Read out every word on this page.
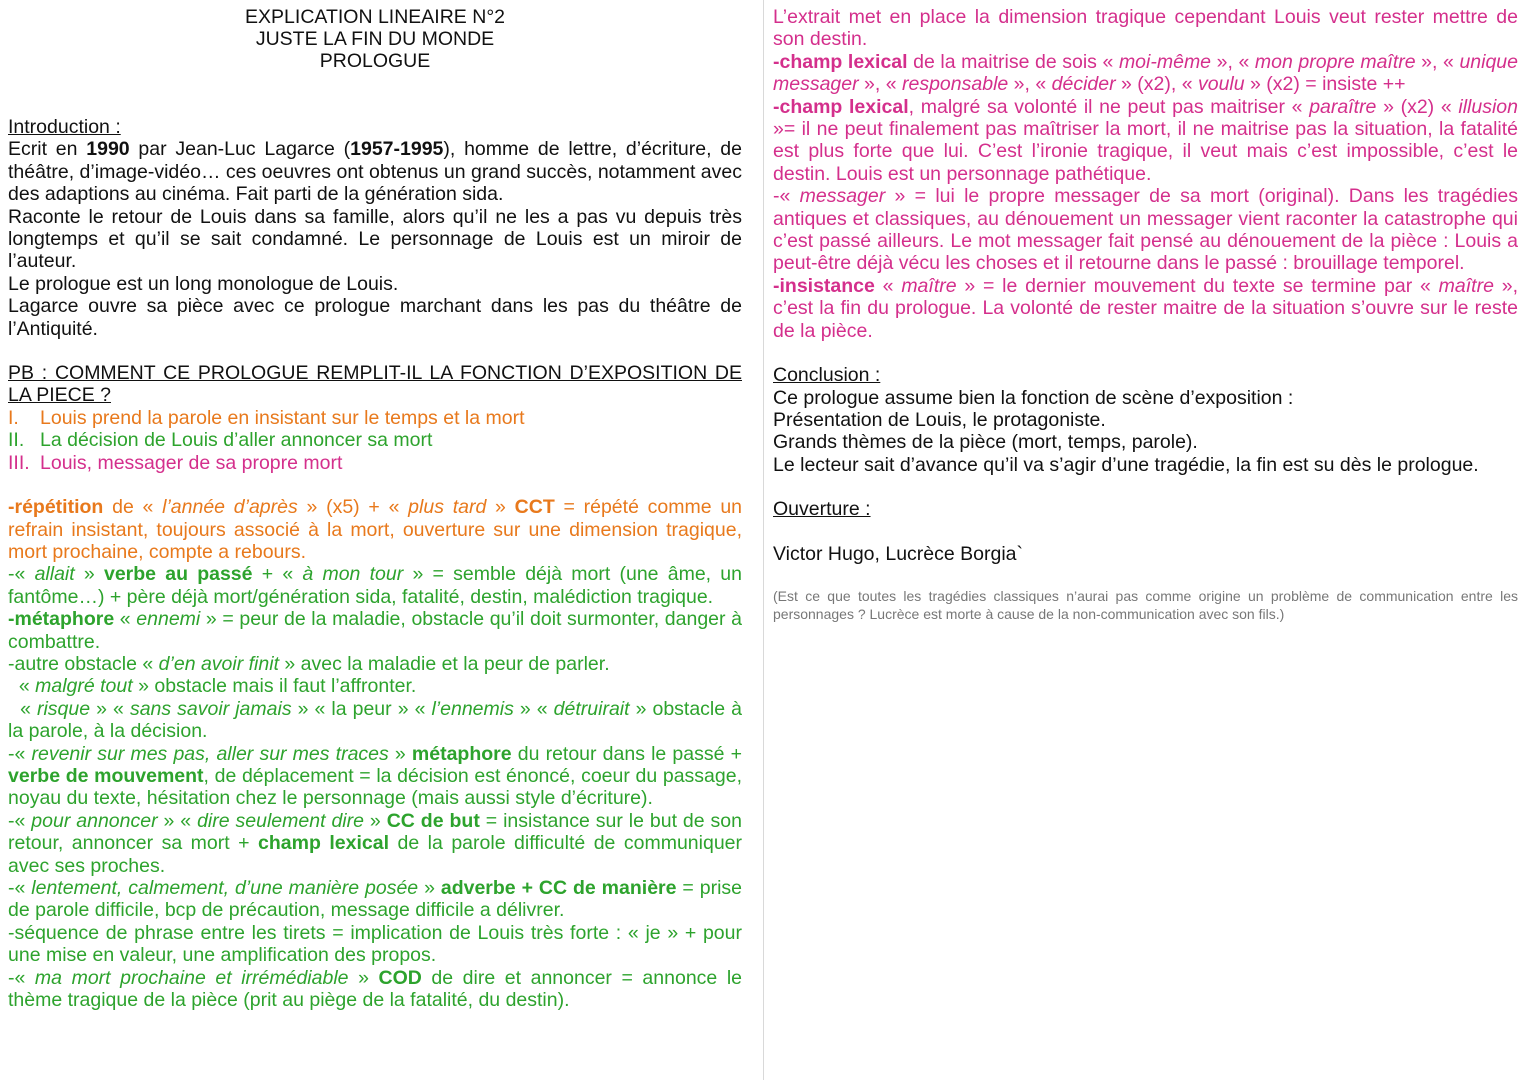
EXPLICATION LINEAIRE N°2
JUSTE LA FIN DU MONDE
PROLOGUE

Introduction :

Ecrit en 1990 par Jean-Luc Lagarce (1957-1995), homme de lettre, d’écriture, de théâtre, d’image-vidéo… ces oeuvres ont obtenus un grand succès, notamment avec des adaptions au cinéma. Fait parti de la génération sida.

Raconte le retour de Louis dans sa famille, alors qu’il ne les a pas vu depuis très longtemps et qu’il se sait condamné. Le personnage de Louis est un miroir de l’auteur.

Le prologue est un long monologue de Louis.

Lagarce ouvre sa pièce avec ce prologue marchant dans les pas du théâtre de l’Antiquité.

PB : COMMENT CE PROLOGUE REMPLIT-IL LA FONCTION D’EXPOSITION DE LA PIECE ?

I. Louis prend la parole en insistant sur le temps et la mort

II. La décision de Louis d’aller annoncer sa mort

III. Louis, messager de sa propre mort

-répétition de « l’année d’après » (x5) + « plus tard » CCT = répété comme un refrain insistant, toujours associé à la mort, ouverture sur une dimension tragique, mort prochaine, compte a rebours.

-« allait » verbe au passé + « à mon tour » = semble déjà mort (une âme, un fantôme…) + père déjà mort/génération sida, fatalité, destin, malédiction tragique.

-métaphore « ennemi » = peur de la maladie, obstacle qu’il doit surmonter, danger à combattre.

-autre obstacle « d’en avoir finit » avec la maladie et la peur de parler.

« malgré tout » obstacle mais il faut l’affronter.

« risque » « sans savoir jamais » « la peur » « l’ennemis » « détruirait » obstacle à la parole, à la décision.

-« revenir sur mes pas, aller sur mes traces » métaphore du retour dans le passé + verbe de mouvement, de déplacement = la décision est énoncé, coeur du passage, noyau du texte, hésitation chez le personnage (mais aussi style d’écriture).

-« pour annoncer » « dire seulement dire » CC de but = insistance sur le but de son retour, annoncer sa mort + champ lexical de la parole difficulté de communiquer avec ses proches.

-« lentement, calmement, d’une manière posée » adverbe + CC de manière = prise de parole difficile, bcp de précaution, message difficile a délivrer.

-séquence de phrase entre les tirets = implication de Louis très forte : « je » + pour une mise en valeur, une amplification des propos.

-« ma mort prochaine et irrémédiable » COD de dire et annoncer = annonce le thème tragique de la pièce (prit au piège de la fatalité, du destin).

L’extrait met en place la dimension tragique cependant Louis veut rester mettre de son destin.

-champ lexical de la maitrise de sois « moi-même », « mon propre maître », « unique messager », « responsable », « décider » (x2), « voulu » (x2) = insiste ++

-champ lexical, malgré sa volonté il ne peut pas maitriser « paraître » (x2) « illusion »= il ne peut finalement pas maîtriser la mort, il ne maitrise pas la situation, la fatalité est plus forte que lui. C’est l’ironie tragique, il veut mais c’est impossible, c’est le destin. Louis est un personnage pathétique.

-« messager » = lui le propre messager de sa mort (original). Dans les tragédies antiques et classiques, au dénouement un messager vient raconter la catastrophe qui c’est passé ailleurs. Le mot messager fait pensé au dénouement de la pièce : Louis a peut-être déjà vécu les choses et il retourne dans le passé : brouillage temporel.

-insistance « maître » = le dernier mouvement du texte se termine par « maître », c’est la fin du prologue. La volonté de rester maitre de la situation s’ouvre sur le reste de la pièce.

Conclusion :

Ce prologue assume bien la fonction de scène d’exposition :

Présentation de Louis, le protagoniste.

Grands thèmes de la pièce (mort, temps, parole).

Le lecteur sait d’avance qu’il va s’agir d’une tragédie, la fin est su dès le prologue.

Ouverture :

Victor Hugo, Lucrèce Borgia`

(Est ce que toutes les tragédies classiques n’aurai pas comme origine un problème de communication entre les personnages ? Lucrèce est morte à cause de la non-communication avec son fils.)
